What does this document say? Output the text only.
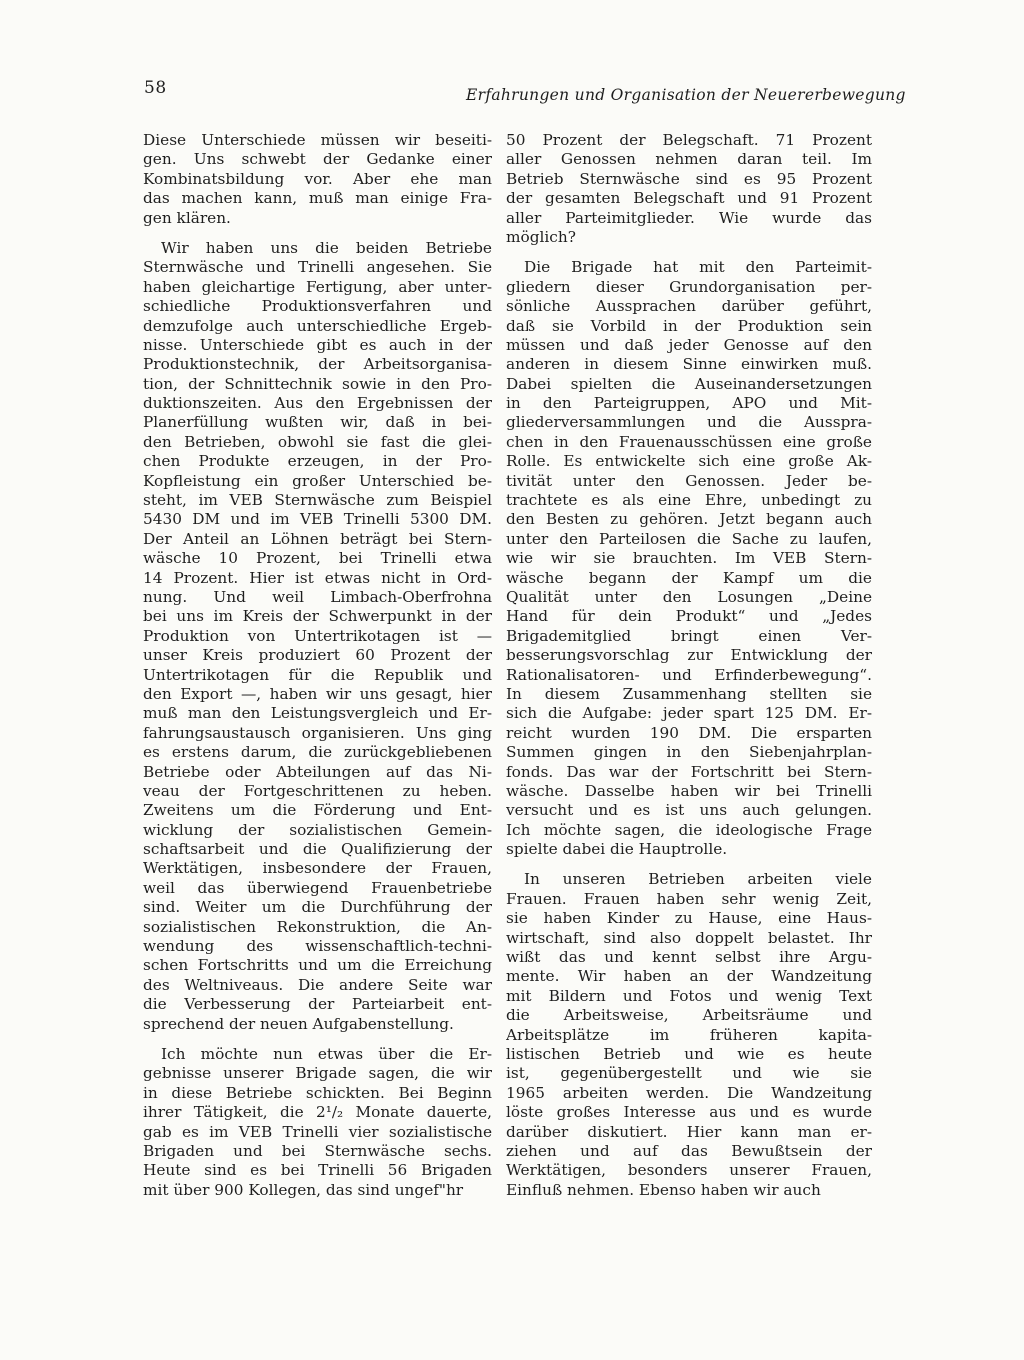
58	Erfahrungen und Organisation der Neuererbewegung
Diese Unterschiede müssen wir beseiti-
gen. Uns schwebt der Gedanke einer
Kombinatsbildung vor. Aber ehe man
das machen kann, muß man einige Fra-
gen klären.
Wir haben uns die beiden Betriebe
Sternwäsche und Trinelli angesehen. Sie
haben gleichartige Fertigung, aber unter-
schiedliche Produktionsverfahren und
demzufolge auch unterschiedliche Ergeb-
nisse. Unterschiede gibt es auch in der
Produktionstechnik, der Arbeitsorganisa-
tion, der Schnittechnik sowie in den Pro-
duktionszeiten. Aus den Ergebnissen der
Planerfüllung wußten wir, daß in bei-
den Betrieben, obwohl sie fast die glei-
chen Produkte erzeugen, in der Pro-
Kopfleistung ein großer Unterschied be-
steht, im VEB Sternwäsche zum Beispiel
5430 DM und im VEB Trinelli 5300 DM.
Der Anteil an Löhnen beträgt bei Stern-
wäsche 10 Prozent, bei Trinelli etwa
14 Prozent. Hier ist etwas nicht in Ord-
nung. Und weil Limbach-Oberfrohna
bei uns im Kreis der Schwerpunkt in der
Produktion von Untertrikotagen ist —
unser Kreis produziert 60 Prozent der
Untertrikotagen für die Republik und
den Export —, haben wir uns gesagt, hier
muß man den Leistungsvergleich und Er-
fahrungsaustausch organisieren. Uns ging
es erstens darum, die zurückgebliebenen
Betriebe oder Abteilungen auf das Ni-
veau der Fortgeschrittenen zu heben.
Zweitens um die Förderung und Ent-
wicklung der sozialistischen Gemein-
schaftsarbeit und die Qualifizierung der
Werktätigen, insbesondere der Frauen,
weil das überwiegend Frauenbetriebe
sind. Weiter um die Durchführung der
sozialistischen Rekonstruktion, die An-
wendung des wissenschaftlich-techni-
schen Fortschritts und um die Erreichung
des Weltniveaus. Die andere Seite war
die Verbesserung der Parteiarbeit ent-
sprechend der neuen Aufgabenstellung.
Ich möchte nun etwas über die Er-
gebnisse unserer Brigade sagen, die wir
in diese Betriebe schickten. Bei Beginn
ihrer Tätigkeit, die 2¹/₂ Monate dauerte,
gab es im VEB Trinelli vier sozialistische
Brigaden und bei Sternwäsche sechs.
Heute sind es bei Trinelli 56 Brigaden
mit über 900 Kollegen, das sind ungef"hr
50 Prozent der Belegschaft. 71 Prozent
aller Genossen nehmen daran teil. Im
Betrieb Sternwäsche sind es 95 Prozent
der gesamten Belegschaft und 91 Prozent
aller Parteimitglieder. Wie wurde das
möglich?
Die Brigade hat mit den Parteimit-
gliedern dieser Grundorganisation per-
sönliche Aussprachen darüber geführt,
daß sie Vorbild in der Produktion sein
müssen und daß jeder Genosse auf den
anderen in diesem Sinne einwirken muß.
Dabei spielten die Auseinandersetzungen
in den Parteigruppen, APO und Mit-
gliederversammlungen und die Ausspra-
chen in den Frauenausschüssen eine große
Rolle. Es entwickelte sich eine große Ak-
tivität unter den Genossen. Jeder be-
trachtete es als eine Ehre, unbedingt zu
den Besten zu gehören. Jetzt begann auch
unter den Parteilosen die Sache zu laufen,
wie wir sie brauchten. Im VEB Stern-
wäsche begann der Kampf um die
Qualität unter den Losungen „Deine
Hand für dein Produkt“ und „Jedes
Brigademitglied bringt einen Ver-
besserungsvorschlag zur Entwicklung der
Rationalisatoren- und Erfinderbewegung“.
In diesem Zusammenhang stellten sie
sich die Aufgabe: jeder spart 125 DM. Er-
reicht wurden 190 DM. Die ersparten
Summen gingen in den Siebenjahrplan-
fonds. Das war der Fortschritt bei Stern-
wäsche. Dasselbe haben wir bei Trinelli
versucht und es ist uns auch gelungen.
Ich möchte sagen, die ideologische Frage
spielte dabei die Hauptrolle.
In unseren Betrieben arbeiten viele
Frauen. Frauen haben sehr wenig Zeit,
sie haben Kinder zu Hause, eine Haus-
wirtschaft, sind also doppelt belastet. Ihr
wißt das und kennt selbst ihre Argu-
mente. Wir haben an der Wandzeitung
mit Bildern und Fotos und wenig Text
die Arbeitsweise, Arbeitsräume und
Arbeitsplätze im früheren kapita-
listischen Betrieb und wie es heute
ist, gegenübergestellt und wie sie
1965 arbeiten werden. Die Wandzeitung
löste großes Interesse aus und es wurde
darüber diskutiert. Hier kann man er-
ziehen und auf das Bewußtsein der
Werktätigen, besonders unserer Frauen,
Einfluß nehmen. Ebenso haben wir auch
